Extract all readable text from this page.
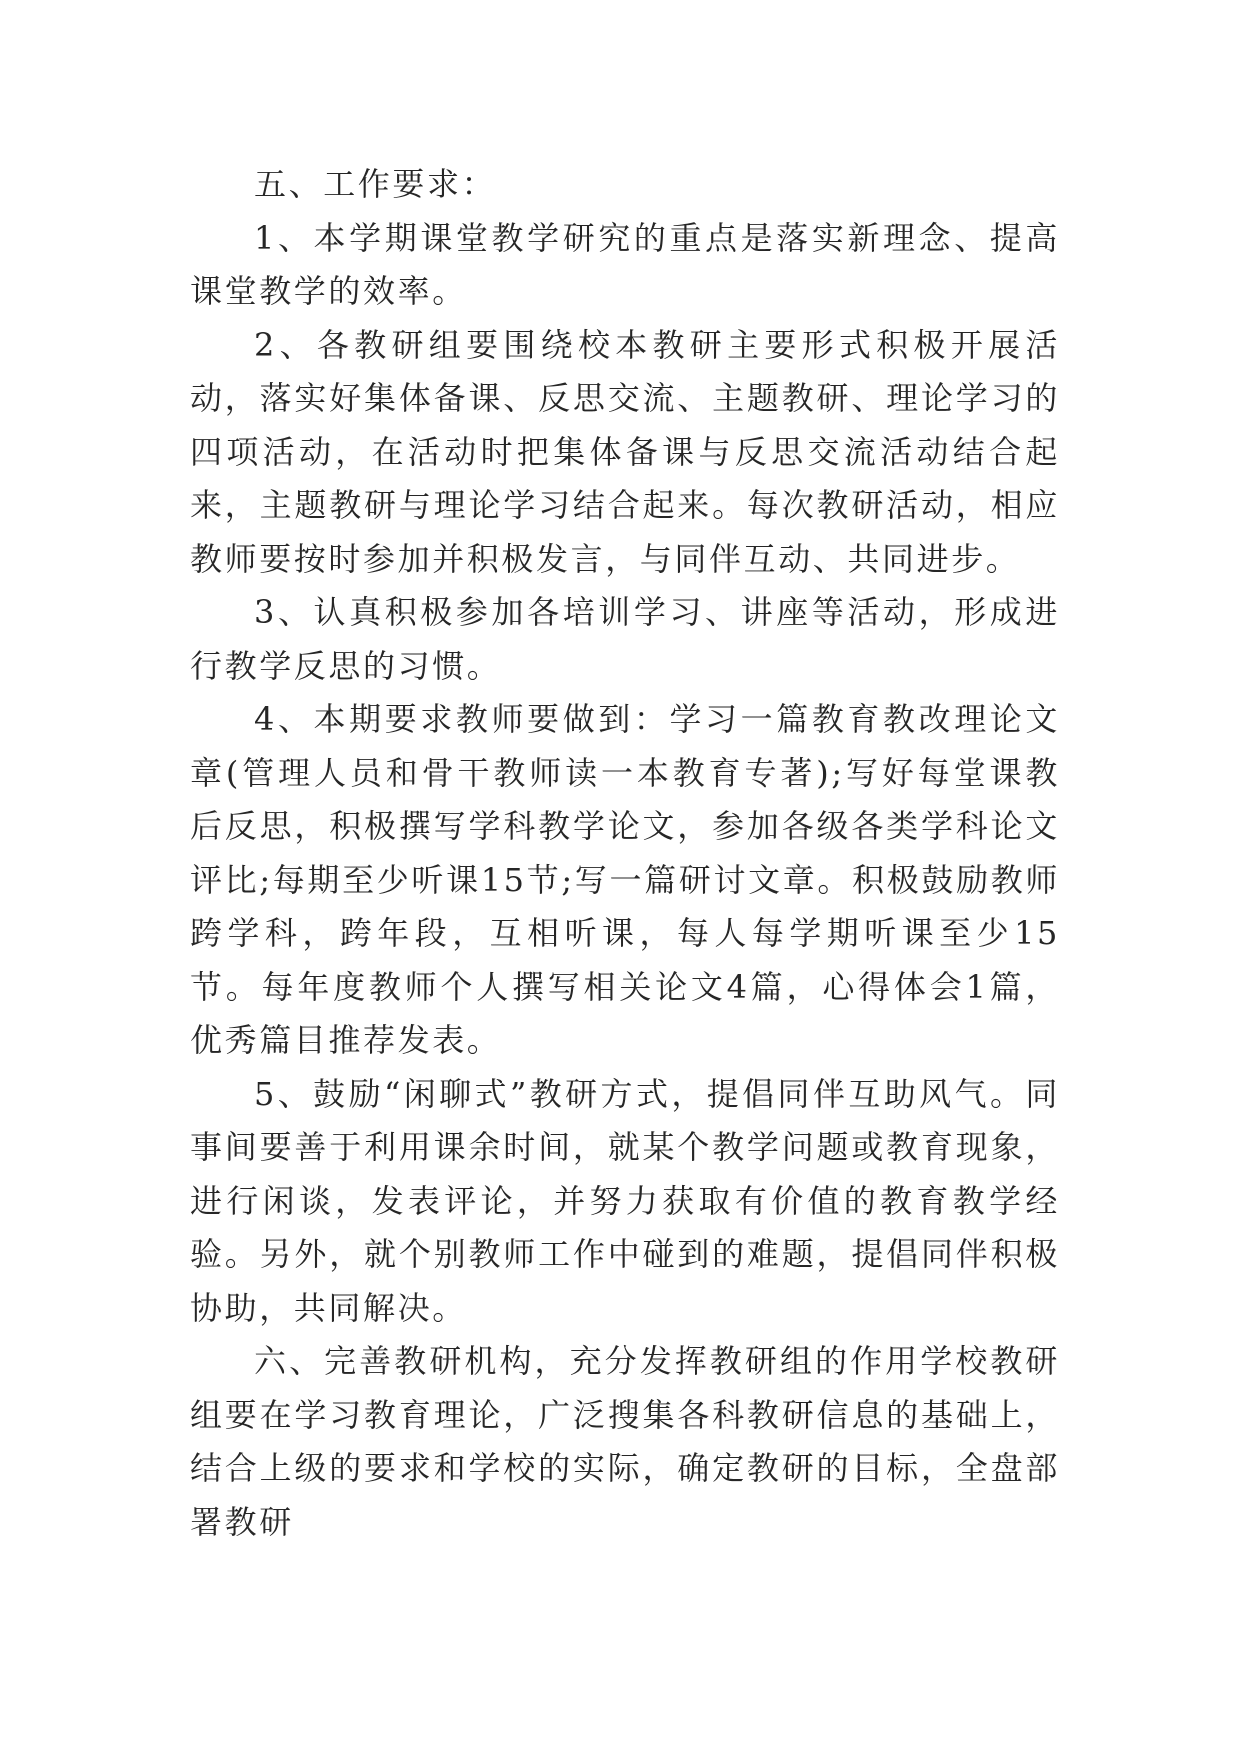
五、工作要求：

1、本学期课堂教学研究的重点是落实新理念、提高课堂教学的效率。

2、各教研组要围绕校本教研主要形式积极开展活动，落实好集体备课、反思交流、主题教研、理论学习的四项活动，在活动时把集体备课与反思交流活动结合起来，主题教研与理论学习结合起来。每次教研活动，相应教师要按时参加并积极发言，与同伴互动、共同进步。

3、认真积极参加各培训学习、讲座等活动，形成进行教学反思的习惯。

4、本期要求教师要做到：学习一篇教育教改理论文章(管理人员和骨干教师读一本教育专著);写好每堂课教后反思，积极撰写学科教学论文，参加各级各类学科论文评比;每期至少听课15节;写一篇研讨文章。积极鼓励教师跨学科，跨年段，互相听课，每人每学期听课至少15节。每年度教师个人撰写相关论文4篇，心得体会1篇，优秀篇目推荐发表。

5、鼓励“闲聊式”教研方式，提倡同伴互助风气。同事间要善于利用课余时间，就某个教学问题或教育现象，进行闲谈，发表评论，并努力获取有价值的教育教学经验。另外，就个别教师工作中碰到的难题，提倡同伴积极协助，共同解决。

六、完善教研机构，充分发挥教研组的作用学校教研组要在学习教育理论，广泛搜集各科教研信息的基础上，结合上级的要求和学校的实际，确定教研的目标，全盘部署教研
